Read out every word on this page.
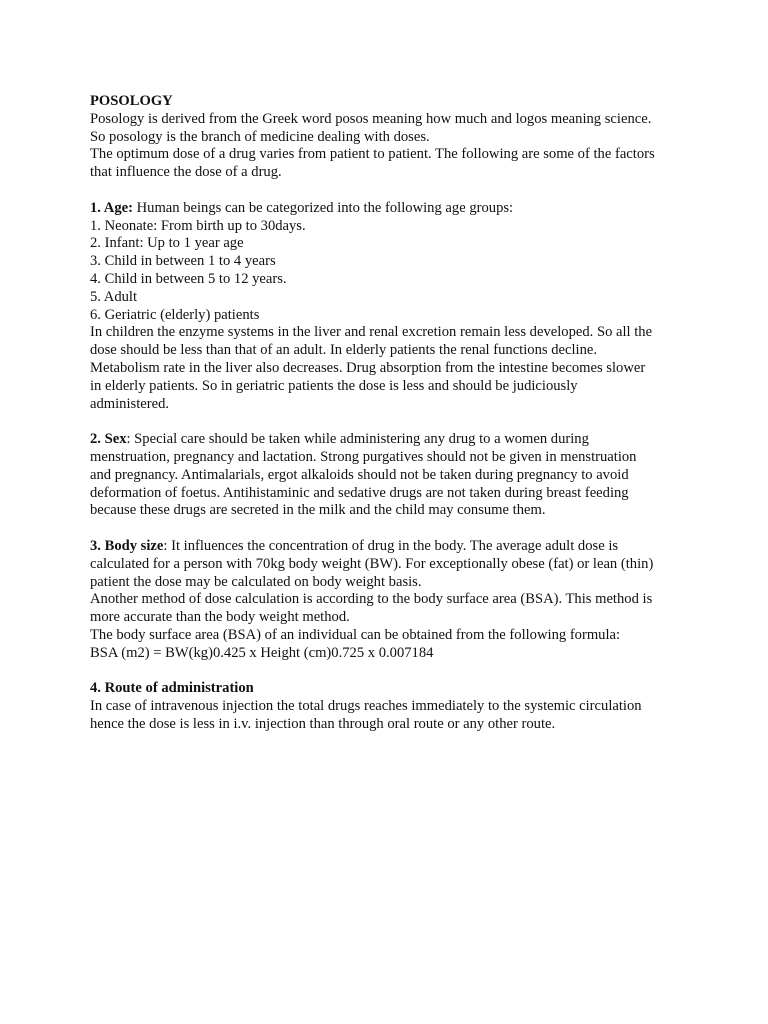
POSOLOGY
Posology is derived from the Greek word posos meaning how much and logos meaning science.
So posology is the branch of medicine dealing with doses.
The optimum dose of a drug varies from patient to patient. The following are some of the factors
that influence the dose of a drug.
1. Age: Human beings can be categorized into the following age groups:
1. Neonate: From birth up to 30days.
2. Infant: Up to 1 year age
3. Child in between 1 to 4 years
4. Child in between 5 to 12 years.
5. Adult
6. Geriatric (elderly) patients
In children the enzyme systems in the liver and renal excretion remain less developed. So all the
dose should be less than that of an adult. In elderly patients the renal functions decline.
Metabolism rate in the liver also decreases. Drug absorption from the intestine becomes slower
in elderly patients. So in geriatric patients the dose is less and should be judiciously
administered.
2. Sex: Special care should be taken while administering any drug to a women during
menstruation, pregnancy and lactation. Strong purgatives should not be given in menstruation
and pregnancy. Antimalarials, ergot alkaloids should not be taken during pregnancy to avoid
deformation of foetus. Antihistaminic and sedative drugs are not taken during breast feeding
because these drugs are secreted in the milk and the child may consume them.
3. Body size: It influences the concentration of drug in the body. The average adult dose is
calculated for a person with 70kg body weight (BW). For exceptionally obese (fat) or lean (thin)
patient the dose may be calculated on body weight basis.
Another method of dose calculation is according to the body surface area (BSA). This method is
more accurate than the body weight method.
The body surface area (BSA) of an individual can be obtained from the following formula:
BSA (m2) = BW(kg)0.425 x Height (cm)0.725 x 0.007184
4. Route of administration
In case of intravenous injection the total drugs reaches immediately to the systemic circulation
hence the dose is less in i.v. injection than through oral route or any other route.
